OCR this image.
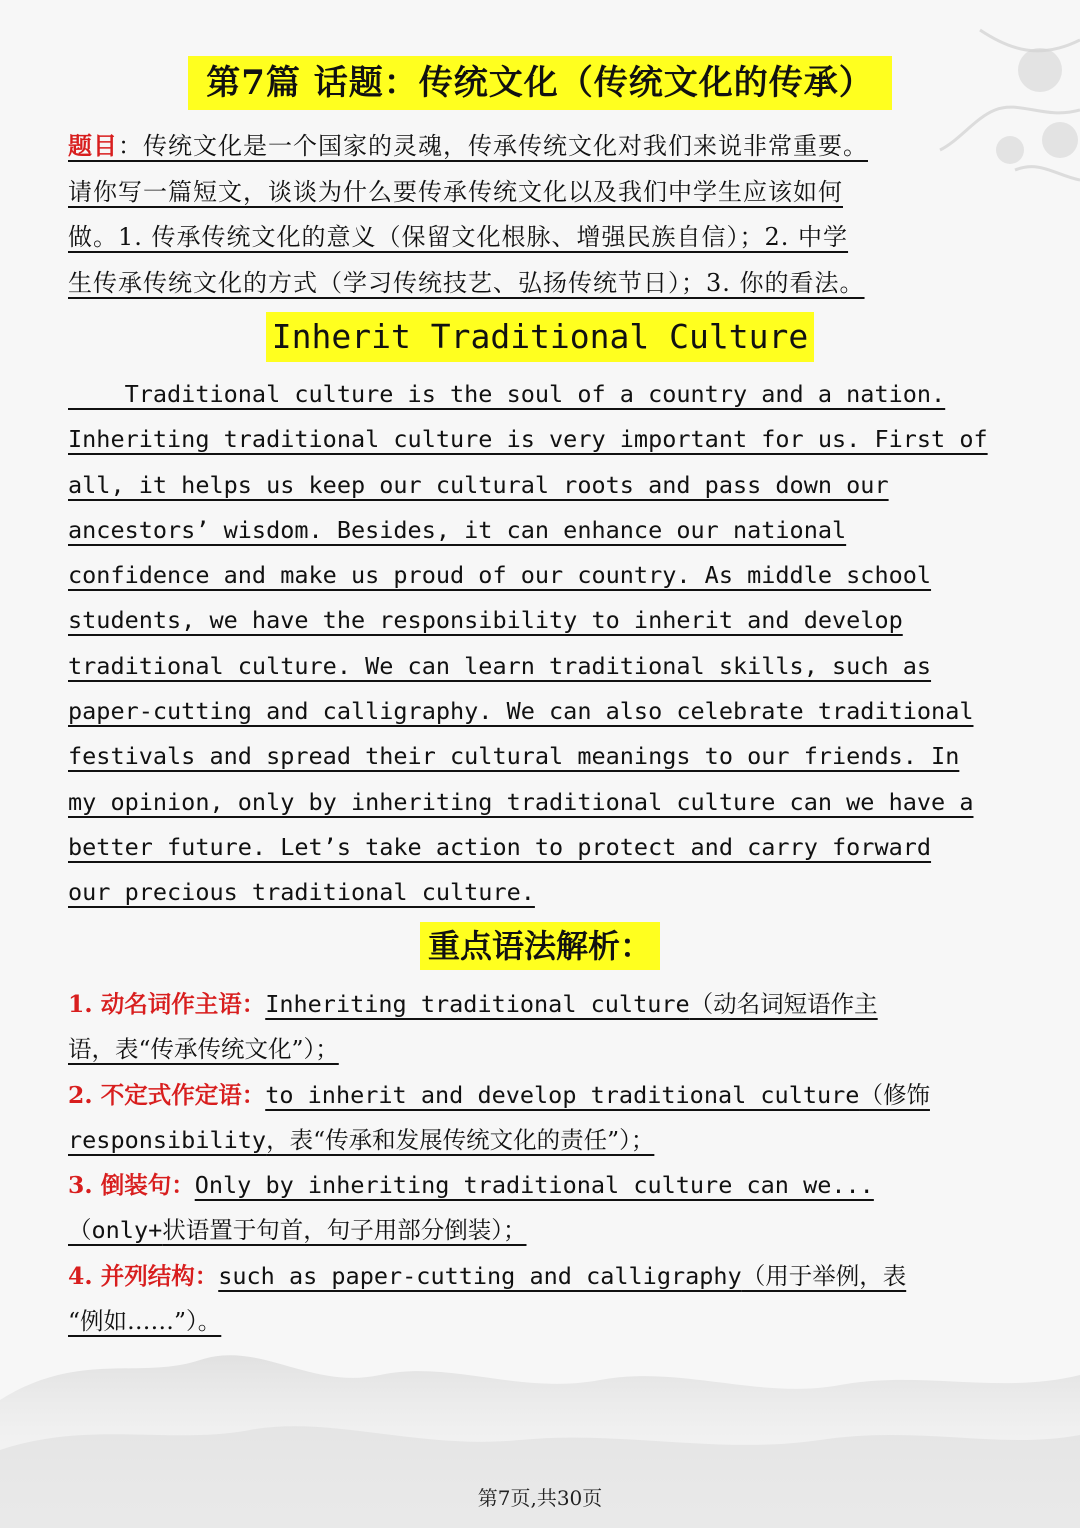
第7篇 话题：传统文化（传统文化的传承）
题目：传统文化是一个国家的灵魂，传承传统文化对我们来说非常重要。
请你写一篇短文，谈谈为什么要传承传统文化以及我们中学生应该如何
做。1. 传承传统文化的意义（保留文化根脉、增强民族自信）；2. 中学
生传承传统文化的方式（学习传统技艺、弘扬传统节日）；3. 你的看法。
Inherit Traditional Culture
Traditional culture is the soul of a country and a nation.
Inheriting traditional culture is very important for us. First of
all, it helps us keep our cultural roots and pass down our
ancestors’ wisdom. Besides, it can enhance our national
confidence and make us proud of our country. As middle school
students, we have the responsibility to inherit and develop
traditional culture. We can learn traditional skills, such as
paper-cutting and calligraphy. We can also celebrate traditional
festivals and spread their cultural meanings to our friends. In
my opinion, only by inheriting traditional culture can we have a
better future. Let’s take action to protect and carry forward
our precious traditional culture.
重点语法解析：
1. 动名词作主语：Inheriting traditional culture（动名词短语作主
语，表“传承传统文化”）；
2. 不定式作定语：to inherit and develop traditional culture（修饰
responsibility，表“传承和发展传统文化的责任”）；
3. 倒装句：Only by inheriting traditional culture can we...
（only+状语置于句首，句子用部分倒装）；
4. 并列结构：such as paper-cutting and calligraphy（用于举例，表
“例如……”）。
第7页,共30页
